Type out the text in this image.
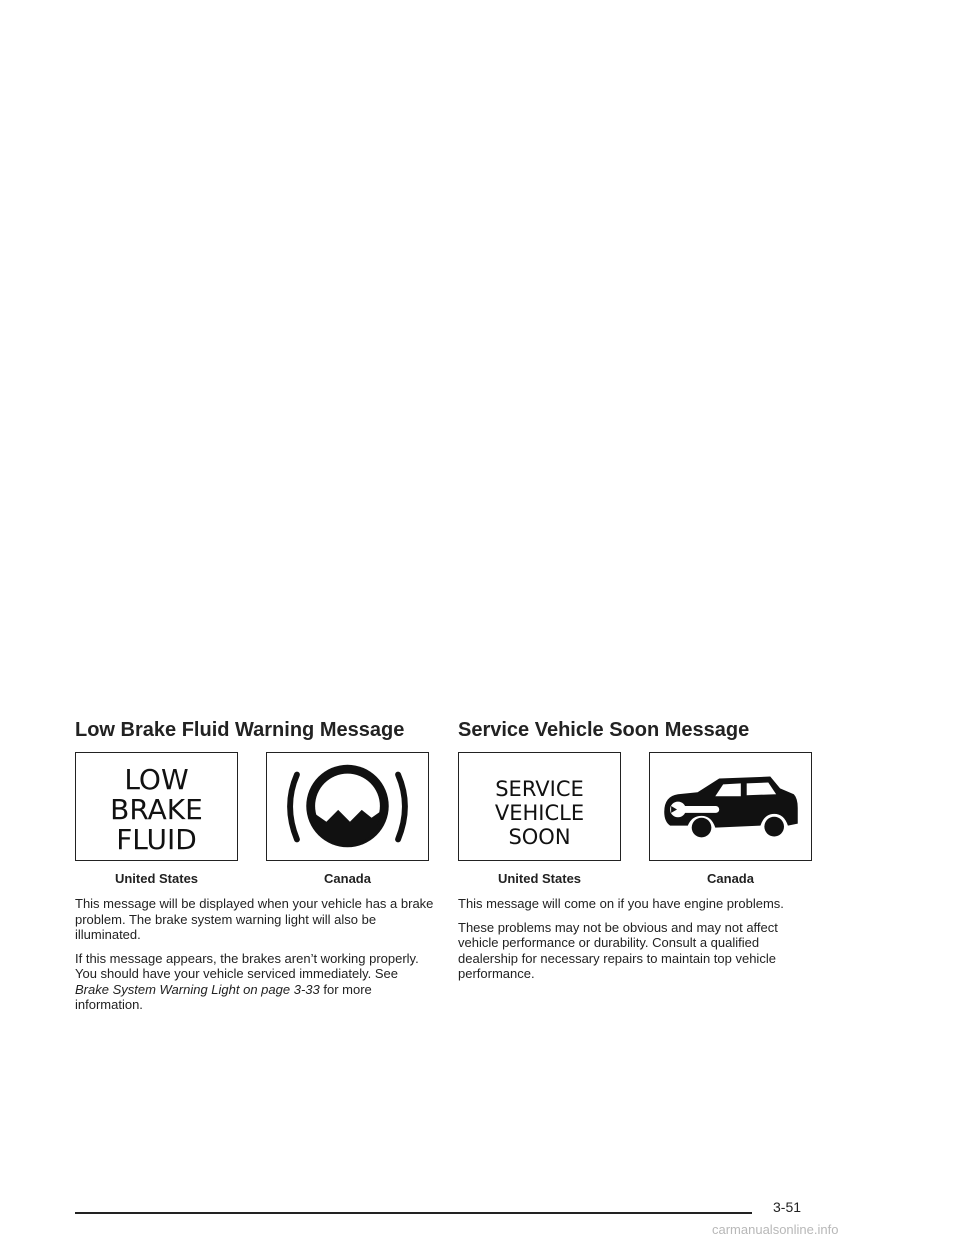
Low Brake Fluid Warning Message
LOW
BRAKE
FLUID
United States	Canada

This message will be displayed when your vehicle has a brake problem. The brake system warning light will also be illuminated.

If this message appears, the brakes aren’t working properly. You should have your vehicle serviced immediately. See Brake System Warning Light on page 3-33 for more information.

Service Vehicle Soon Message
SERVICE
VEHICLE
SOON
United States	Canada

This message will come on if you have engine problems.

These problems may not be obvious and may not affect vehicle performance or durability. Consult a qualified dealership for necessary repairs to maintain top vehicle performance.

3-51
carmanualsonline.info
